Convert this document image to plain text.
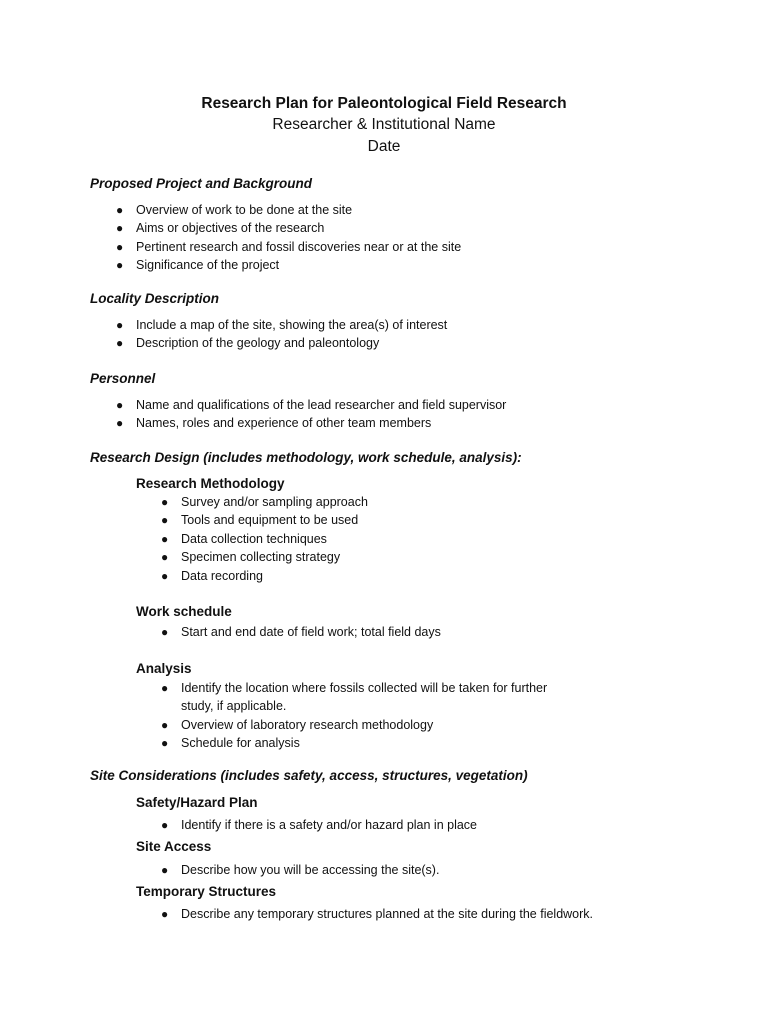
Research Plan for Paleontological Field Research
Researcher & Institutional Name
Date
Proposed Project and Background
● Overview of work to be done at the site
● Aims or objectives of the research
● Pertinent research and fossil discoveries near or at the site
● Significance of the project
Locality Description
● Include a map of the site, showing the area(s) of interest
● Description of the geology and paleontology
Personnel
● Name and qualifications of the lead researcher and field supervisor
● Names, roles and experience of other team members
Research Design (includes methodology, work schedule, analysis):
Research Methodology
● Survey and/or sampling approach
● Tools and equipment to be used
● Data collection techniques
● Specimen collecting strategy
● Data recording
Work schedule
● Start and end date of field work; total field days
Analysis
● Identify the location where fossils collected will be taken for further study, if applicable.
● Overview of laboratory research methodology
● Schedule for analysis
Site Considerations (includes safety, access, structures, vegetation)
Safety/Hazard Plan
● Identify if there is a safety and/or hazard plan in place
Site Access
● Describe how you will be accessing the site(s).
Temporary Structures
● Describe any temporary structures planned at the site during the fieldwork.
